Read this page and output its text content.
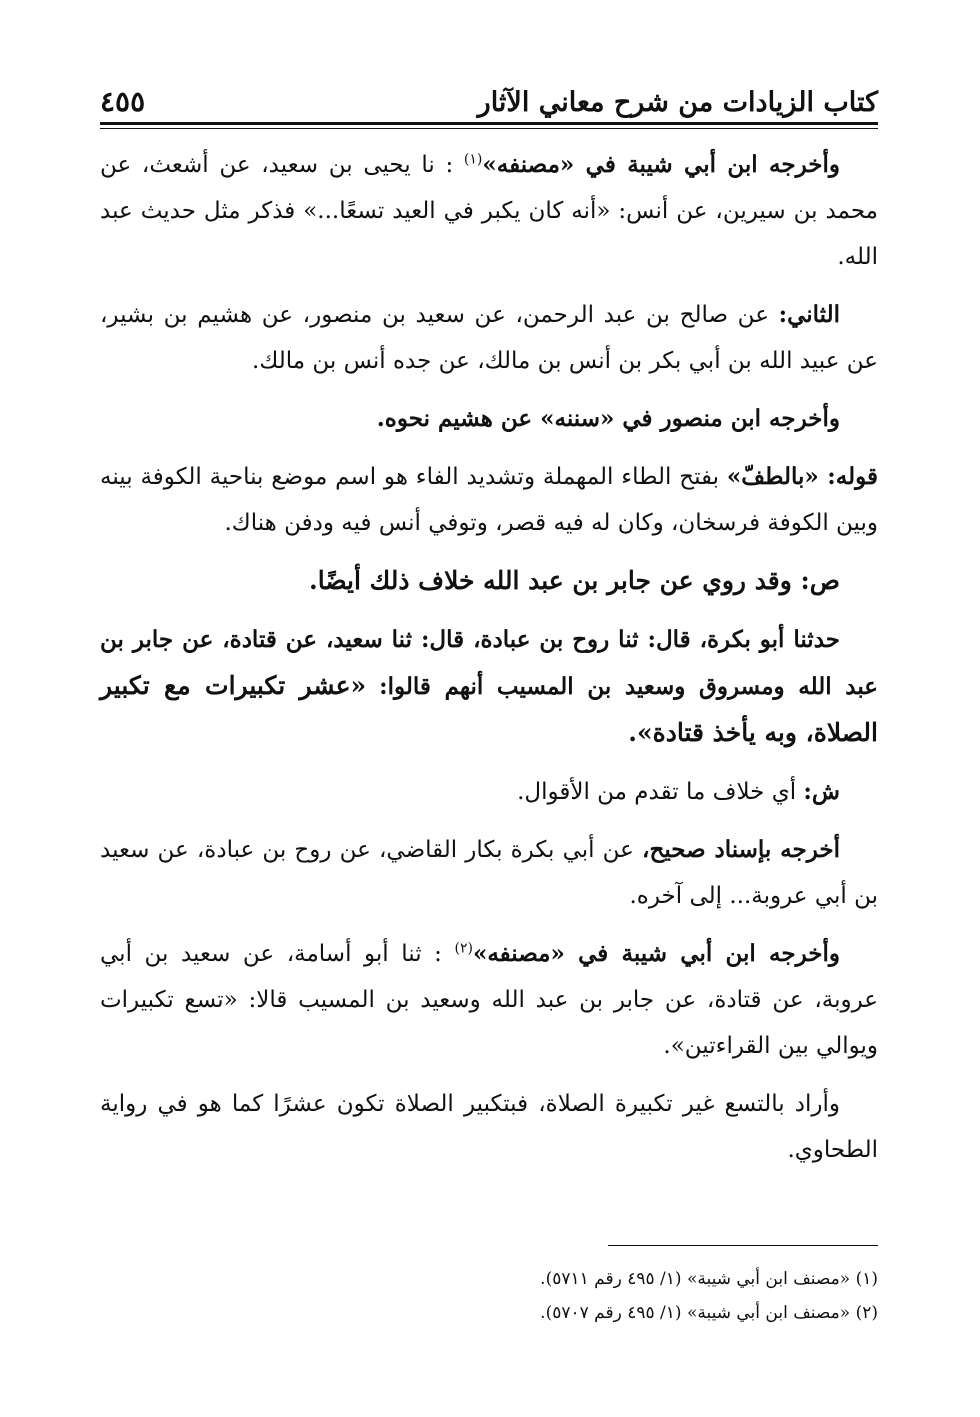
٤٥٥	كتاب الزيادات من شرح معاني الآثار

وأخرجه ابن أبي شيبة في «مصنفه»$^{(١)}$ : نا يحيى بن سعيد، عن أشعث، عن محمد بن سيرين، عن أنس: «أنه كان يكبر في العيد تسعًا...» فذكر مثل حديث عبد الله.

الثاني: عن صالح بن عبد الرحمن، عن سعيد بن منصور، عن هشيم بن بشير، عن عبيد الله بن أبي بكر بن أنس بن مالك، عن جده أنس بن مالك.

وأخرجه ابن منصور في «سننه» عن هشيم نحوه.

قوله: «بالطفّ» بفتح الطاء المهملة وتشديد الفاء هو اسم موضع بناحية الكوفة بينه وبين الكوفة فرسخان، وكان له فيه قصر، وتوفي أنس فيه ودفن هناك.

ص: وقد روي عن جابر بن عبد الله خلاف ذلك أيضًا.

حدثنا أبو بكرة، قال: ثنا روح بن عبادة، قال: ثنا سعيد، عن قتادة، عن جابر بن عبد الله ومسروق وسعيد بن المسيب أنهم قالوا: «عشر تكبيرات مع تكبير الصلاة، وبه يأخذ قتادة».

ش: أي خلاف ما تقدم من الأقوال.

أخرجه بإسناد صحيح، عن أبي بكرة بكار القاضي، عن روح بن عبادة، عن سعيد بن أبي عروبة... إلى آخره.

وأخرجه ابن أبي شيبة في «مصنفه»$^{(٢)}$ : ثنا أبو أسامة، عن سعيد بن أبي عروبة، عن قتادة، عن جابر بن عبد الله وسعيد بن المسيب قالا: «تسع تكبيرات ويوالي بين القراءتين».

وأراد بالتسع غير تكبيرة الصلاة، فبتكبير الصلاة تكون عشرًا كما هو في رواية الطحاوي.

(١) «مصنف ابن أبي شيبة» (١/ ٤٩٥ رقم ٥٧١١).
(٢) «مصنف ابن أبي شيبة» (١/ ٤٩٥ رقم ٥٧٠٧).
